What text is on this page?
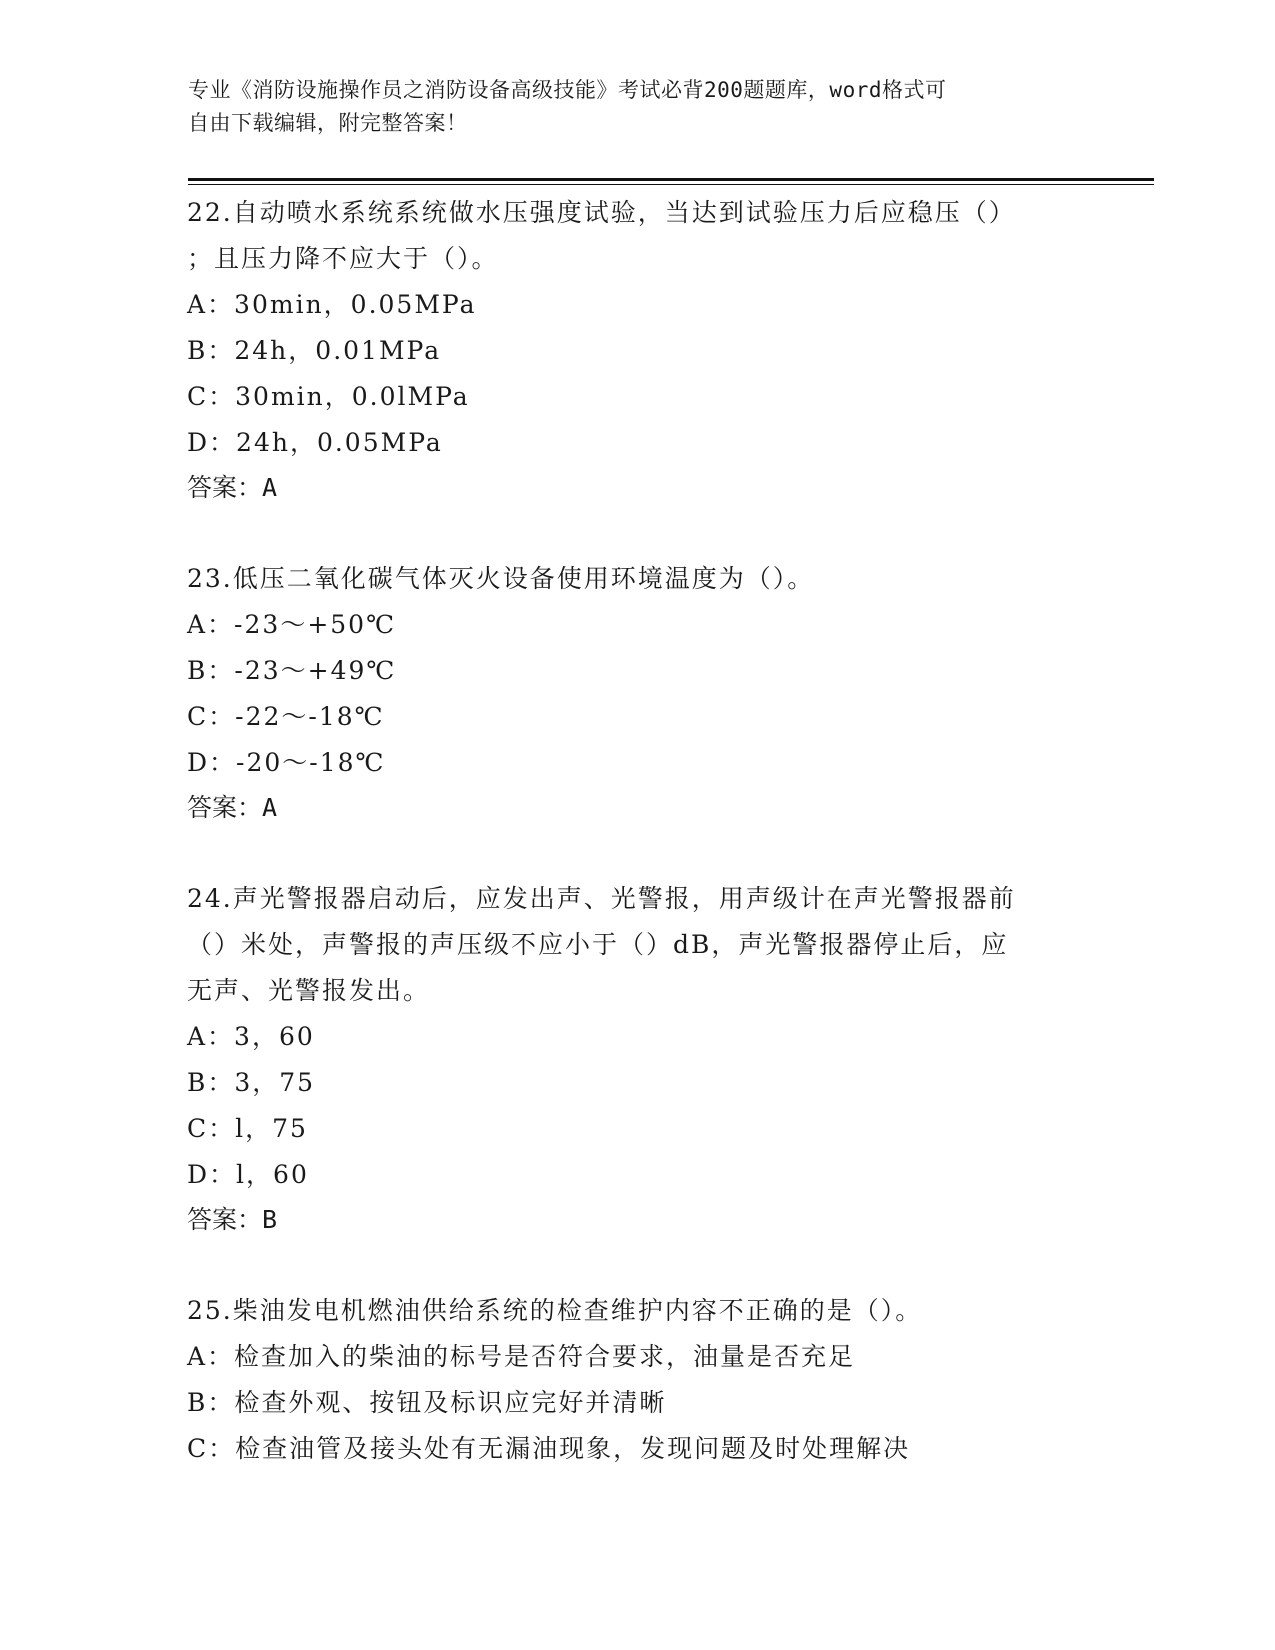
专业《消防设施操作员之消防设备高级技能》考试必背200题题库，word格式可
自由下载编辑，附完整答案！
22.自动喷水系统系统做水压强度试验，当达到试验压力后应稳压（）
；且压力降不应大于（）。
A：30min，0.05MPa
B：24h，0.01MPa
C：30min，0.0lMPa
D：24h，0.05MPa
答案：A
23.低压二氧化碳气体灭火设备使用环境温度为（）。
A：-23～+50℃
B：-23～+49℃
C：-22～-18℃
D：-20～-18℃
答案：A
24.声光警报器启动后，应发出声、光警报，用声级计在声光警报器前
（）米处，声警报的声压级不应小于（）dB，声光警报器停止后，应
无声、光警报发出。
A：3，60
B：3，75
C：l，75
D：l，60
答案：B
25.柴油发电机燃油供给系统的检查维护内容不正确的是（）。
A：检查加入的柴油的标号是否符合要求，油量是否充足
B：检查外观、按钮及标识应完好并清晰
C：检查油管及接头处有无漏油现象，发现问题及时处理解决
